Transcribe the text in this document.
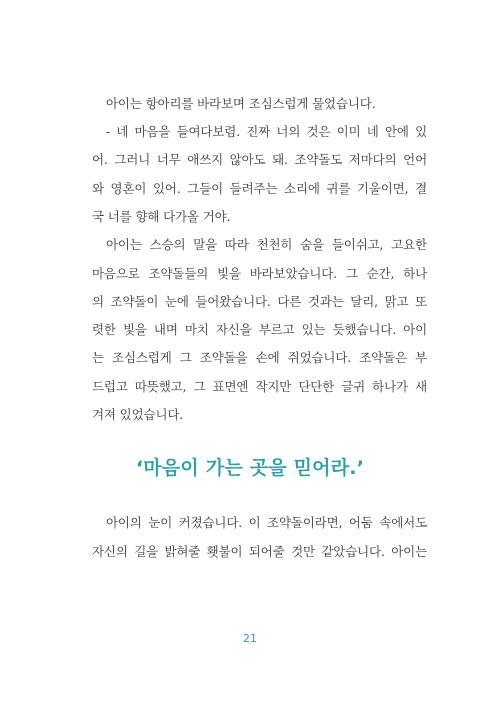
아이는 항아리를 바라보며 조심스럽게 물었습니다.
- 네 마음을 들여다보렴. 진짜 너의 것은 이미 네 안에 있
어. 그러니 너무 애쓰지 않아도 돼. 조약돌도 저마다의 언어
와 영혼이 있어. 그들이 들려주는 소리에 귀를 기울이면, 결
국 너를 향해 다가올 거야.
아이는 스승의 말을 따라 천천히 숨을 들이쉬고, 고요한
마음으로 조약돌들의 빛을 바라보았습니다. 그 순간, 하나
의 조약돌이 눈에 들어왔습니다. 다른 것과는 달리, 맑고 또
렷한 빛을 내며 마치 자신을 부르고 있는 듯했습니다. 아이
는 조심스럽게 그 조약돌을 손에 쥐었습니다. 조약돌은 부
드럽고 따뜻했고, 그 표면엔 작지만 단단한 글귀 하나가 새
겨져 있었습니다.
‘마음이 가는 곳을 믿어라.’
아이의 눈이 커졌습니다. 이 조약돌이라면, 어둠 속에서도
자신의 길을 밝혀줄 횃불이 되어줄 것만 같았습니다. 아이는
21
